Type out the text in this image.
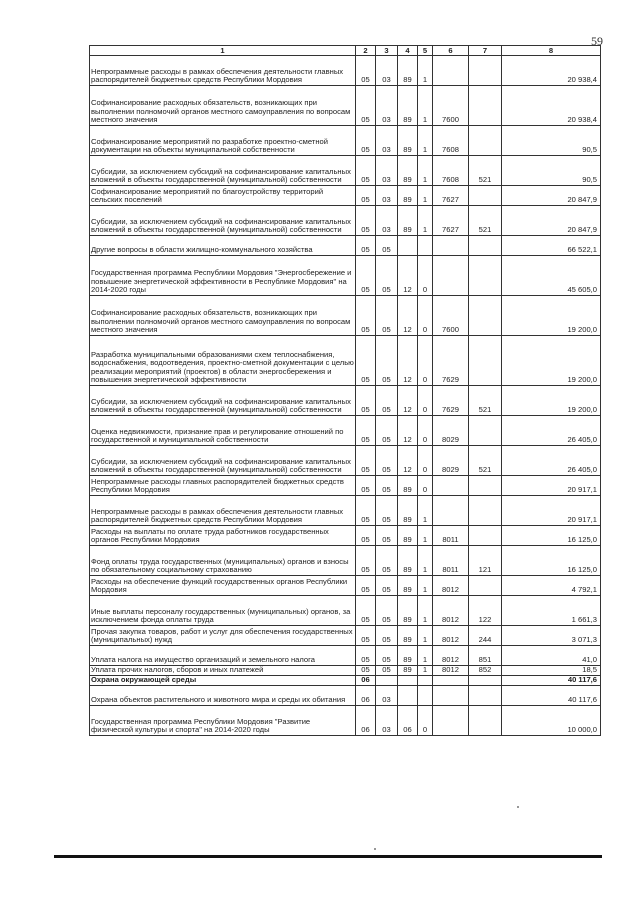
59
1	2	3	4	5	6	7	8
Непрограммные расходы в рамках обеспечения деятельности главных распорядителей бюджетных средств Республики Мордовия	05	03	89	1			20 938,4
Софинансирование расходных обязательств, возникающих при выполнении полномочий органов местного самоуправления по вопросам местного значения	05	03	89	1	7600		20 938,4
Софинансирование мероприятий по разработке проектно-сметной документации на объекты муниципальной собственности	05	03	89	1	7608		90,5
Субсидии, за исключением субсидий на софинансирование капитальных вложений в объекты государственной (муниципальной) собственности	05	03	89	1	7608	521	90,5
Софинансирование мероприятий по благоустройству территорий сельских поселений	05	03	89	1	7627		20 847,9
Субсидии, за исключением субсидий на софинансирование капитальных вложений в объекты государственной (муниципальной) собственности	05	03	89	1	7627	521	20 847,9
Другие вопросы в области жилищно-коммунального хозяйства	05	05					66 522,1
Государственная программа Республики Мордовия "Энергосбережение и повышение энергетической эффективности в Республике Мордовия" на 2014-2020 годы	05	05	12	0			45 605,0
Софинансирование расходных обязательств, возникающих при выполнении полномочий органов местного самоуправления по вопросам местного значения	05	05	12	0	7600		19 200,0
Разработка муниципальными образованиями схем теплоснабжения, водоснабжения, водоотведения, проектно-сметной документации с целью реализации мероприятий (проектов) в области энергосбережения и повышения энергетической эффективности	05	05	12	0	7629		19 200,0
Субсидии, за исключением субсидий на софинансирование капитальных вложений в объекты государственной (муниципальной) собственности	05	05	12	0	7629	521	19 200,0
Оценка недвижимости, признание прав и регулирование отношений по государственной и муниципальной собственности	05	05	12	0	8029		26 405,0
Субсидии, за исключением субсидий на софинансирование капитальных вложений в объекты государственной (муниципальной) собственности	05	05	12	0	8029	521	26 405,0
Непрограммные расходы главных распорядителей бюджетных средств Республики Мордовия	05	05	89	0			20 917,1
Непрограммные расходы в рамках обеспечения деятельности главных распорядителей бюджетных средств Республики Мордовия	05	05	89	1			20 917,1
Расходы на выплаты по оплате труда работников государственных органов Республики Мордовия	05	05	89	1	8011		16 125,0
Фонд оплаты труда государственных (муниципальных) органов и взносы по обязательному социальному страхованию	05	05	89	1	8011	121	16 125,0
Расходы на обеспечение функций государственных органов Республики Мордовия	05	05	89	1	8012		4 792,1
Иные выплаты персоналу государственных (муниципальных) органов, за исключением фонда оплаты труда	05	05	89	1	8012	122	1 661,3
Прочая закупка товаров, работ и услуг для обеспечения государственных (муниципальных) нужд	05	05	89	1	8012	244	3 071,3
Уплата налога на имущество организаций и земельного налога	05	05	89	1	8012	851	41,0
Уплата прочих налогов, сборов и иных платежей	05	05	89	1	8012	852	18,5
Охрана окружающей среды	06						40 117,6
Охрана объектов растительного и животного мира и среды их обитания	06	03					40 117,6
Государственная программа Республики Мордовия "Развитие физической культуры и спорта" на 2014-2020 годы	06	03	06	0			10 000,0
